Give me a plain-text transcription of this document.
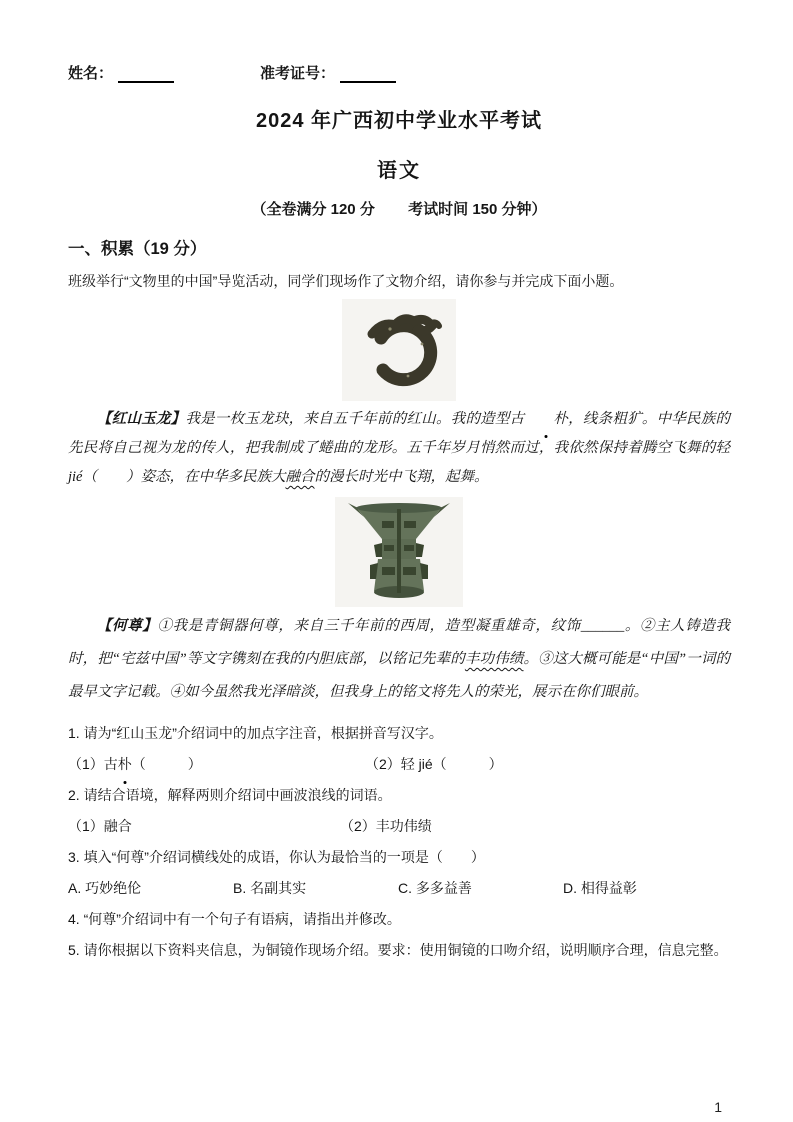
姓名：	准考证号：
2024 年广西初中学业水平考试
语文
（全卷满分 120 分        考试时间 150 分钟）
一、积累（19 分）
班级举行“文物里的中国”导览活动，同学们现场作了文物介绍，请你参与并完成下面小题。
【红山玉龙】我是一枚玉龙玦，来自五千年前的红山。我的造型古 朴，线条粗犷。中华民族的先民将自己视为龙的传人，把我制成了蜷曲的龙形。五千年岁月悄然而过，我依然保持着腾空飞舞的轻 jié（　　）姿态，在中华多民族大融合的漫长时光中飞翔，起舞。
【何尊】①我是青铜器何尊，来自三千年前的西周，造型凝重雄奇，纹饰______。②主人铸造我时，把“宅兹中国”等文字镌刻在我的内胆底部，以铭记先辈的丰功伟绩。③这大概可能是“中国”一词的最早文字记载。④如今虽然我光泽暗淡，但我身上的铭文将先人的荣光，展示在你们眼前。
1. 请为“红山玉龙”介绍词中的加点字注音，根据拼音写汉字。
（1）古朴（　　　）	（2）轻 jié（　　　）
2. 请结合语境，解释两则介绍词中画波浪线的词语。
（1）融合	（2）丰功伟绩
3. 填入“何尊”介绍词横线处的成语，你认为最恰当的一项是（　　）
A. 巧妙绝伦	B. 名副其实	C. 多多益善	D. 相得益彰
4. “何尊”介绍词中有一个句子有语病，请指出并修改。
5. 请你根据以下资料夹信息，为铜镜作现场介绍。要求：使用铜镜的口吻介绍，说明顺序合理，信息完整。
1
